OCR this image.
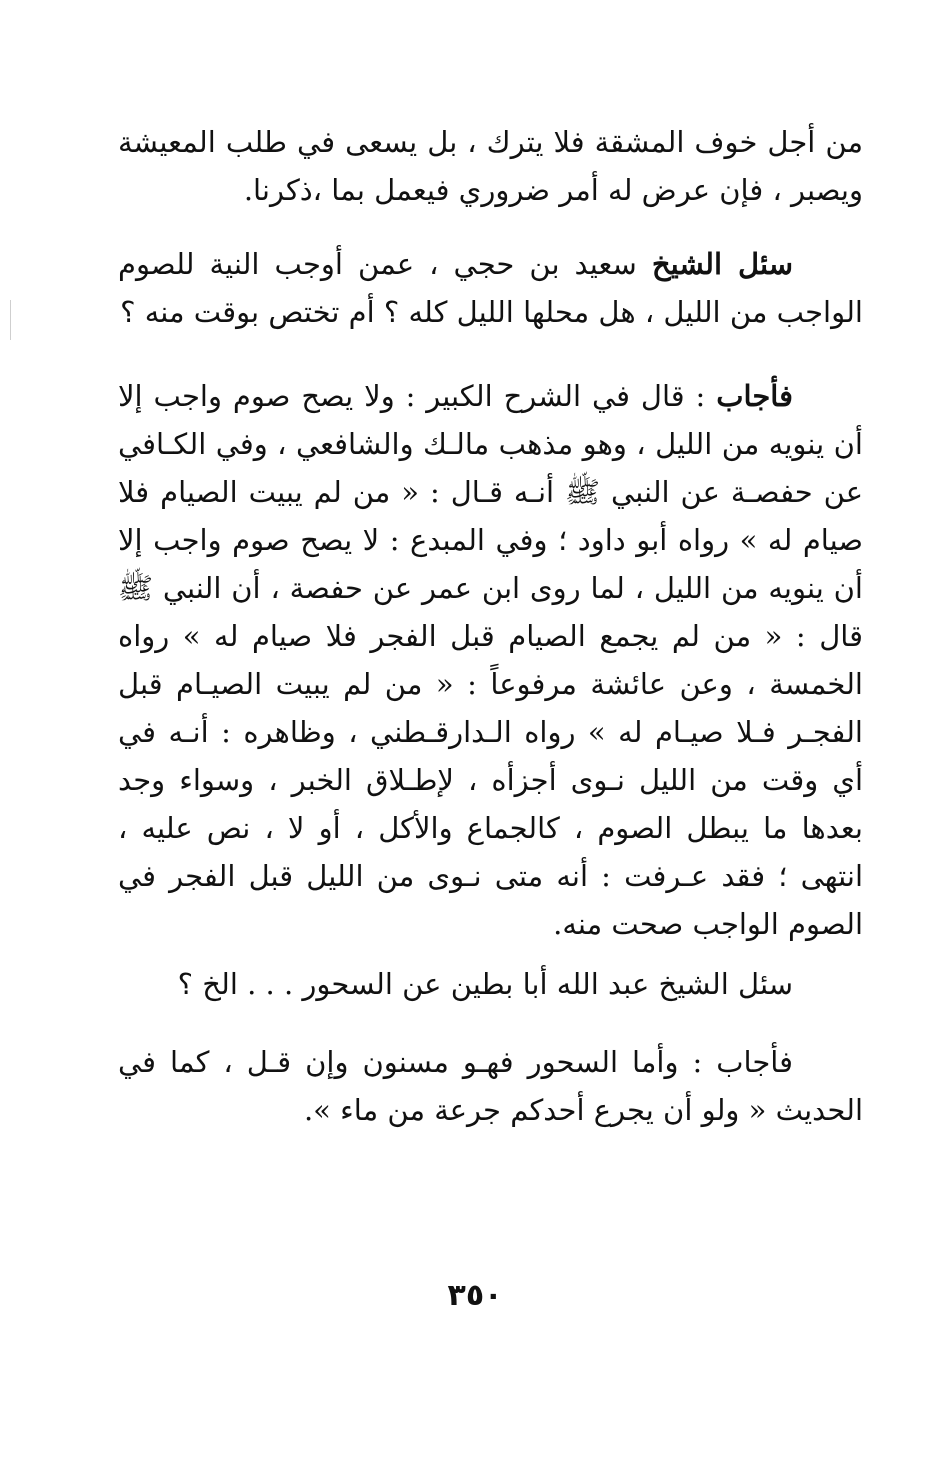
من أجل خوف المشقة فلا يترك ، بل يسعى في طلب المعيشة ويصبر ، فإن عرض له أمر ضروري فيعمل بما ،ذكرنا.

سئل الشيخ سعيد بن حجي ، عمن أوجب النية للصوم الواجب من الليل ، هل محلها الليل كله ؟ أم تختص بوقت منه ؟

فأجاب : قال في الشرح الكبير : ولا يصح صوم واجب إلا أن ينويه من الليل ، وهو مذهب مالـك والشافعي ، وفي الكـافي عن حفصـة عن النبي ﷺ أنـه قـال : « من لم يبيت الصيام فلا صيام له » رواه أبو داود ؛ وفي المبدع : لا يصح صوم واجب إلا أن ينويه من الليل ، لما روى ابن عمر عن حفصة ، أن النبي ﷺ قال : « من لم يجمع الصيام قبل الفجر فلا صيام له » رواه الخمسة ، وعن عائشة مرفوعاً : « من لم يبيت الصيـام قبل الفجـر فـلا صيـام له » رواه الـدارقـطني ، وظاهره : أنـه في أي وقت من الليل نـوى أجزأه ، لإطـلاق الخبر ، وسواء وجد بعدها ما يبطل الصوم ، كالجماع والأكل ، أو لا ، نص عليه ، انتهى ؛ فقد عـرفت : أنه متى نـوى من الليل قبل الفجر في الصوم الواجب صحت منه.

سئل الشيخ عبد الله أبا بطين عن السحور . . . الخ ؟

فأجاب : وأما السحور فهـو مسنون وإن قـل ، كما في الحديث « ولو أن يجرع أحدكم جرعة من ماء ».

٣٥٠
